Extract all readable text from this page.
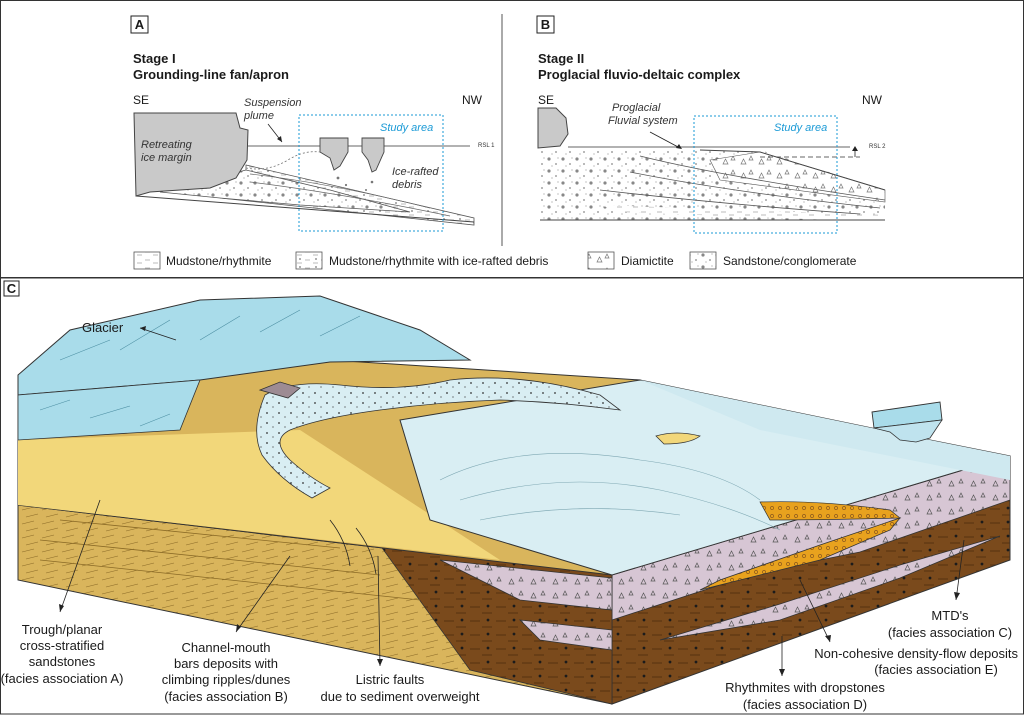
A
Stage I
Grounding-line fan/apron
SE	NW
Retreating
ice margin
RSL 1
Suspension
plume
Ice-rafted
debris
Study area
B
Stage II
Proglacial fluvio-deltaic complex
SE	NW
RSL 2
Proglacial
Fluvial system
Study area
Mudstone/rhythmite	Mudstone/rhythmite with ice-rafted debris	Diamictite	Sandstone/conglomerate
C
Glacier
Trough/planar
cross-stratified
sandstones
(facies association A)
Channel-mouth
bars deposits with
climbing ripples/dunes
(facies association B)
Listric faults
due to sediment overweight
Rhythmites with dropstones
(facies association D)
Non-cohesive density-flow deposits
(facies association E)
MTD's
(facies association C)
